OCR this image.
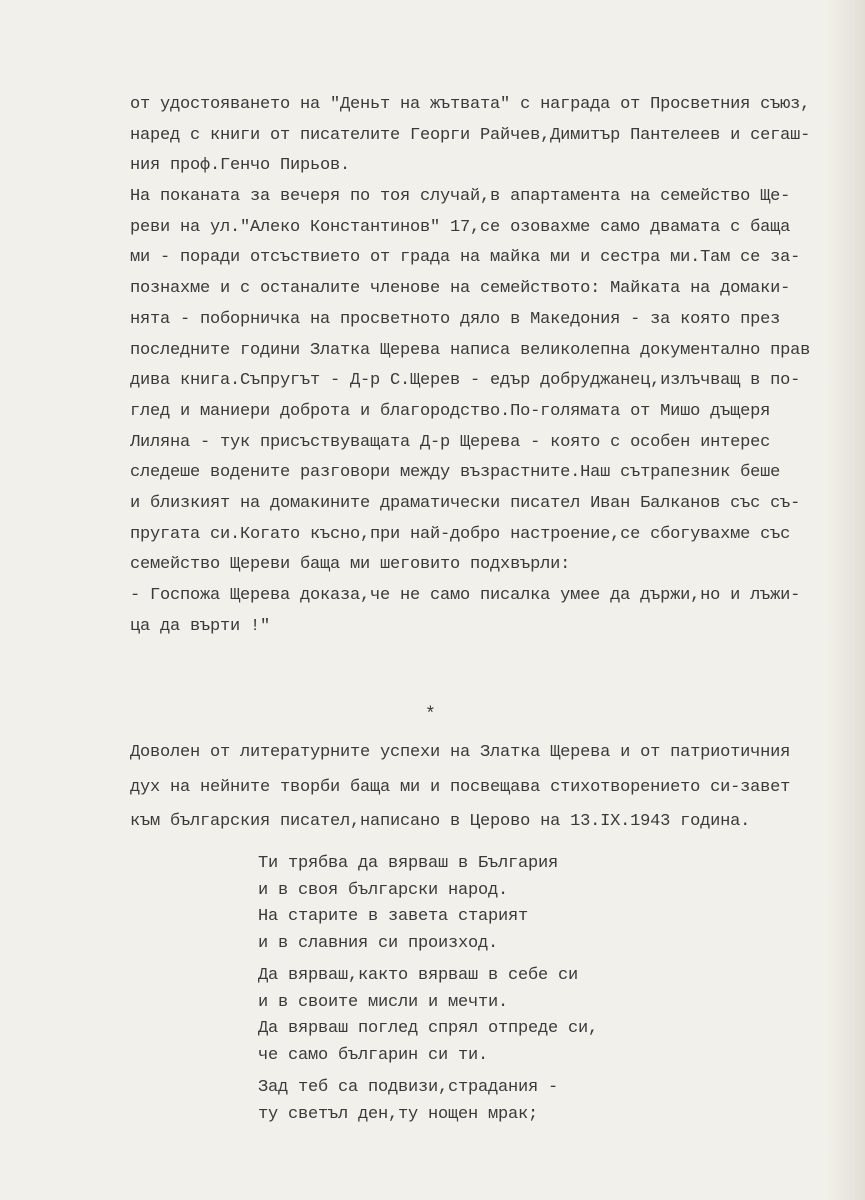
от удостояването на "Деньт на жътвата" с награда от Просветния съюз,
наред с книги от писателите Георги Райчев,Димитър Пантелеев и сегаш-
ния проф.Генчо Пирьов.
На поканата за вечеря по тоя случай,в апартамента на семейство Ще-
реви на ул."Алеко Константинов" 17,се озовахме само двамата с баща
ми - поради отсъствието от града на майка ми и сестра ми.Там се за-
познахме и с останалите членове на семейството: Майката на домаки-
нята - поборничка на просветното дяло в Македония - за която през
последните години Златка Щерева написа великолепна документално прав
дива книга.Съпругът - Д-р С.Щерев - едър добруджанец,излъчващ в по-
глед и маниери доброта и благородство.По-голямата от Мишо дъщеря
Лиляна - тук присъствуващата Д-р Щерева - която с особен интерес
следеше водените разговори между възрастните.Наш сътрапезник беше
и близкият на домакините драматически писател Иван Балканов със съ-
пругата си.Когато късно,при най-добро настроение,се сбогувахме със
семейство Щереви баща ми шеговито подхвърли:
- Госпожа Щерева доказа,че не само писалка умее да държи,но и лъжи-
ца да върти !"
*
Доволен от литературните успехи на Златка Щерева и от патриотичния
дух на нейните творби баща ми и посвещава стихотворението си-завет
към българския писател,написано в Церово на 13.IX.1943 година.
Ти трябва да вярваш в България
и в своя български народ.
На старите в завета старият
и в славния си произход.
Да вярваш,както вярваш в себе си
и в своите мисли и мечти.
Да вярваш поглед спрял отпреде си,
че само българин си ти.
Зад теб са подвизи,страдания -
ту светъл ден,ту нощен мрак;
